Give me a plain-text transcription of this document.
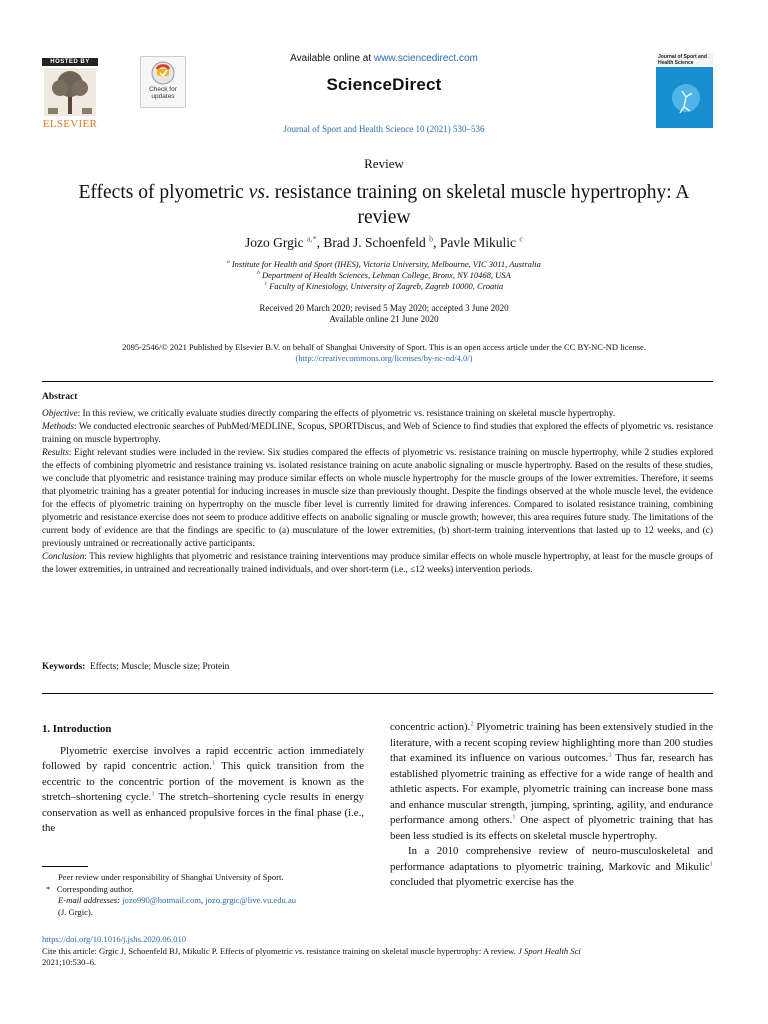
HOSTED BY
ELSEVIER
Check for updates
Available online at www.sciencedirect.com
ScienceDirect
Journal of Sport and Health Science 10 (2021) 530–536
Journal of Sport and Health Science
Review
Effects of plyometric vs. resistance training on skeletal muscle hypertrophy: A review
Jozo Grgic $^{a,*}$, Brad J. Schoenfeld $^b$, Pavle Mikulic $^c$
$^a$ Institute for Health and Sport (IHES), Victoria University, Melbourne, VIC 3011, Australia
$^b$ Department of Health Sciences, Lehman College, Bronx, NY 10468, USA
$^c$ Faculty of Kinesiology, University of Zagreb, Zagreb 10000, Croatia
Received 20 March 2020; revised 5 May 2020; accepted 3 June 2020
Available online 21 June 2020
2095-2546/© 2021 Published by Elsevier B.V. on behalf of Shanghai University of Sport. This is an open access article under the CC BY-NC-ND license.
(http://creativecommons.org/licenses/by-nc-nd/4.0/)
Abstract

Objective: In this review, we critically evaluate studies directly comparing the effects of plyometric vs. resistance training on skeletal muscle hypertrophy.

Methods: We conducted electronic searches of PubMed/MEDLINE, Scopus, SPORTDiscus, and Web of Science to find studies that explored the effects of plyometric vs. resistance training on muscle hypertrophy.

Results: Eight relevant studies were included in the review. Six studies compared the effects of plyometric vs. resistance training on muscle hypertrophy, while 2 studies explored the effects of combining plyometric and resistance training vs. isolated resistance training on acute anabolic signaling or muscle hypertrophy. Based on the results of these studies, we conclude that plyometric and resistance training may produce similar effects on whole muscle hypertrophy for the muscle groups of the lower extremities. Therefore, it seems that plyometric training has a greater potential for inducing increases in muscle size than previously thought. Despite the findings observed at the whole muscle level, the evidence for the effects of plyometric training on hypertrophy on the muscle fiber level is currently limited for drawing inferences. Compared to isolated resistance training, combining plyometric and resistance exercise does not seem to produce additive effects on anabolic signaling or muscle growth; however, this area requires future study. The limitations of the current body of evidence are that the findings are specific to (a) musculature of the lower extremities, (b) short-term training interventions that lasted up to 12 weeks, and (c) previously untrained or recreationally active participants.

Conclusion: This review highlights that plyometric and resistance training interventions may produce similar effects on whole muscle hypertrophy, at least for the muscle groups of the lower extremities, in untrained and recreationally trained individuals, and over short-term (i.e., ≤12 weeks) intervention periods.

Keywords: Effects; Muscle; Muscle size; Protein
1. Introduction

Plyometric exercise involves a rapid eccentric action immediately followed by rapid concentric action.$^1$ This quick transition from the eccentric to the concentric portion of the movement is known as the stretch–shortening cycle.$^1$ The stretch–shortening cycle results in energy conservation as well as enhanced propulsive forces in the final phase (i.e., the

concentric action).$^2$ Plyometric training has been extensively studied in the literature, with a recent scoping review highlighting more than 200 studies that examined its influence on various outcomes.$^3$ Thus far, research has established plyometric training as effective for a wide range of health and athletic aspects. For example, plyometric training can increase bone mass and enhance muscular strength, jumping, sprinting, agility, and endurance performance among others.$^1$ One aspect of plyometric training that has been less studied is its effects on skeletal muscle hypertrophy.

In a 2010 comprehensive review of neuro-musculoskeletal and performance adaptations to plyometric training, Markovic and Mikulic$^1$ concluded that plyometric exercise has the

Peer review under responsibility of Shanghai University of Sport.

* Corresponding author.

E-mail addresses: jozo990@hotmail.com, jozo.grgic@live.vu.edu.au

(J. Grgic).

https://doi.org/10.1016/j.jshs.2020.06.010

Cite this article: Grgic J, Schoenfeld BJ, Mikulic P. Effects of plyometric vs. resistance training on skeletal muscle hypertrophy: A review. J Sport Health Sci

2021;10:530–6.
